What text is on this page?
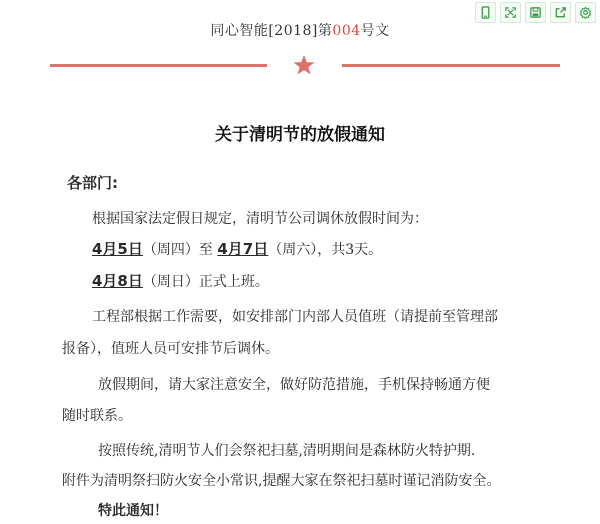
同心智能[2018]第004号文
关于清明节的放假通知
各部门:
根据国家法定假日规定，清明节公司调休放假时间为：
4月5日（周四）至 4月7日（周六），共3天。
4月8日（周日）正式上班。
工程部根据工作需要，如安排部门内部人员值班（请提前至管理部
报备），值班人员可安排节后调休。
放假期间，请大家注意安全，做好防范措施，手机保持畅通方便
随时联系。
按照传统,清明节人们会祭祀扫墓,清明期间是森林防火特护期.
附件为清明祭扫防火安全小常识,提醒大家在祭祀扫墓时谨记消防安全。
特此通知！
